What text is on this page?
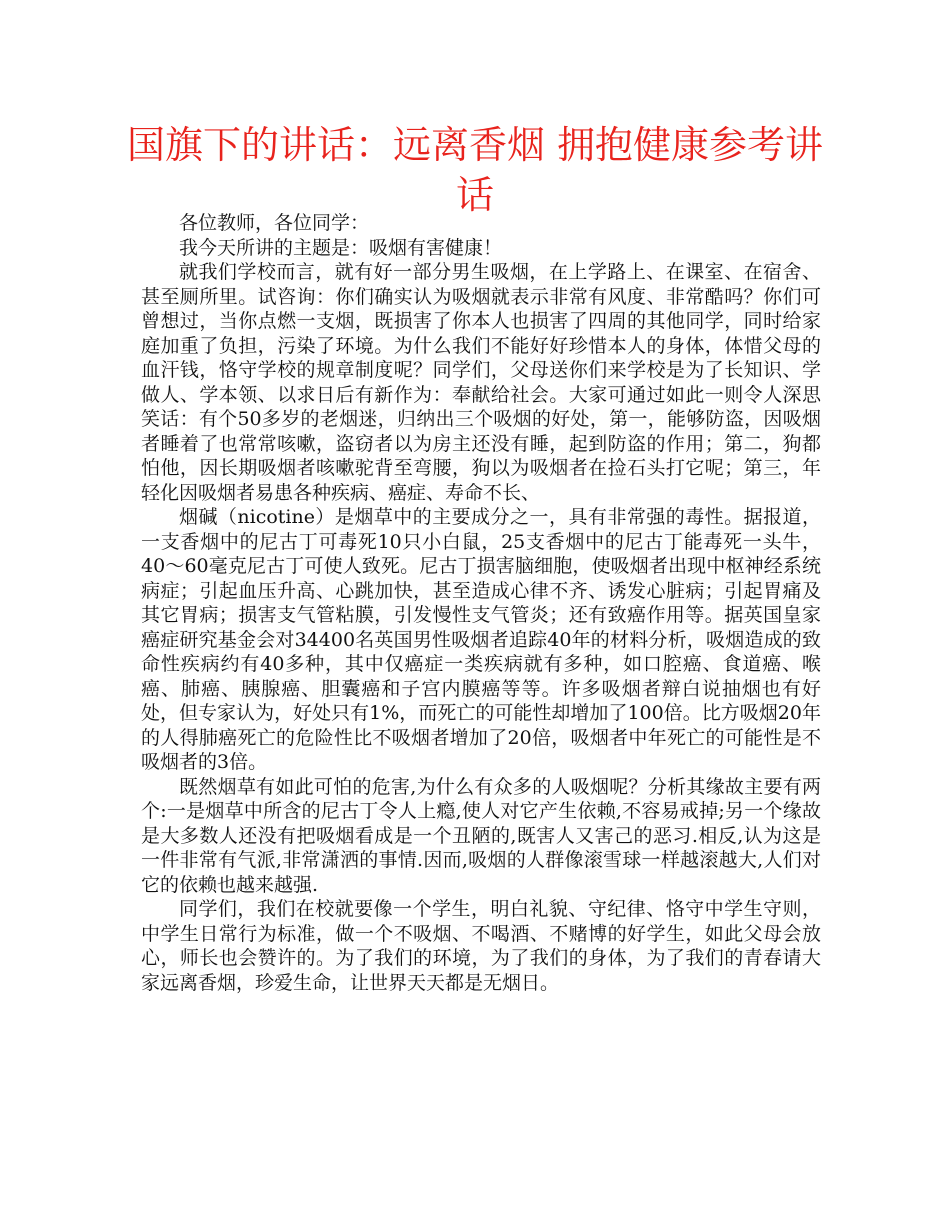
国旗下的讲话：远离香烟 拥抱健康参考讲话

各位教师，各位同学：

我今天所讲的主题是：吸烟有害健康！

就我们学校而言，就有好一部分男生吸烟，在上学路上、在课室、在宿舍、甚至厕所里。试咨询：你们确实认为吸烟就表示非常有风度、非常酷吗？你们可曾想过，当你点燃一支烟，既损害了你本人也损害了四周的其他同学，同时给家庭加重了负担，污染了环境。为什么我们不能好好珍惜本人的身体，体惜父母的血汗钱，恪守学校的规章制度呢？同学们，父母送你们来学校是为了长知识、学做人、学本领、以求日后有新作为：奉献给社会。大家可通过如此一则令人深思笑话：有个50多岁的老烟迷，归纳出三个吸烟的好处，第一，能够防盗，因吸烟者睡着了也常常咳嗽，盗窃者以为房主还没有睡，起到防盗的作用；第二，狗都怕他，因长期吸烟者咳嗽驼背至弯腰，狗以为吸烟者在捡石头打它呢；第三，年轻化因吸烟者易患各种疾病、癌症、寿命不长、

烟碱（nicotine）是烟草中的主要成分之一，具有非常强的毒性。据报道，一支香烟中的尼古丁可毒死10只小白鼠，25支香烟中的尼古丁能毒死一头牛，40～60毫克尼古丁可使人致死。尼古丁损害脑细胞，使吸烟者出现中枢神经系统病症；引起血压升高、心跳加快，甚至造成心律不齐、诱发心脏病；引起胃痛及其它胃病；损害支气管粘膜，引发慢性支气管炎；还有致癌作用等。据英国皇家癌症研究基金会对34400名英国男性吸烟者追踪40年的材料分析，吸烟造成的致命性疾病约有40多种，其中仅癌症一类疾病就有多种，如口腔癌、食道癌、喉癌、肺癌、胰腺癌、胆囊癌和子宫内膜癌等等。许多吸烟者辩白说抽烟也有好处，但专家认为，好处只有1%，而死亡的可能性却增加了100倍。比方吸烟20年的人得肺癌死亡的危险性比不吸烟者增加了20倍，吸烟者中年死亡的可能性是不吸烟者的3倍。

既然烟草有如此可怕的危害,为什么有众多的人吸烟呢？分析其缘故主要有两个:一是烟草中所含的尼古丁令人上瘾,使人对它产生依赖,不容易戒掉;另一个缘故是大多数人还没有把吸烟看成是一个丑陋的,既害人又害己的恶习.相反,认为这是一件非常有气派,非常潇洒的事情.因而,吸烟的人群像滚雪球一样越滚越大,人们对它的依赖也越来越强.

同学们，我们在校就要像一个学生，明白礼貌、守纪律、恪守中学生守则，中学生日常行为标准，做一个不吸烟、不喝酒、不赌博的好学生，如此父母会放心，师长也会赞许的。为了我们的环境，为了我们的身体，为了我们的青春请大家远离香烟，珍爱生命，让世界天天都是无烟日。
